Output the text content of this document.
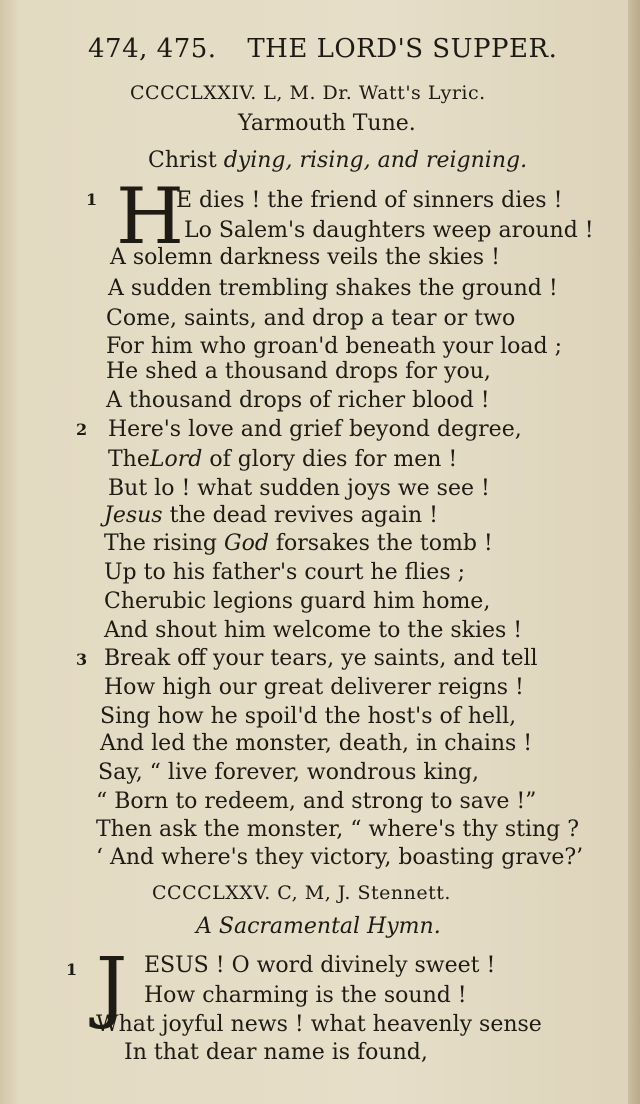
474, 475. THE LORD'S SUPPER.
CCCCLXXIV. L, M. Dr. Watt's Lyric.
Yarmouth Tune.
Christ dying, rising, and reigning.
1 H
E dies ! the friend of sinners dies !
Lo Salem's daughters weep around !
A solemn darkness veils the skies !
A sudden trembling shakes the ground !
Come, saints, and drop a tear or two
For him who groan'd beneath your load ;
He shed a thousand drops for you,
A thousand drops of richer blood !
2 Here's love and grief beyond degree,
TheLord of glory dies for men !
But lo ! what sudden joys we see !
Jesus the dead revives again !
The rising God forsakes the tomb !
Up to his father's court he flies ;
Cherubic legions guard him home,
And shout him welcome to the skies !
3 Break off your tears, ye saints, and tell
How high our great deliverer reigns !
Sing how he spoil'd the host's of hell,
And led the monster, death, in chains !
Say, “ live forever, wondrous king,
“ Born to redeem, and strong to save !”
Then ask the monster, “ where's thy sting ?
‘ And where's they victory, boasting grave?’
CCCCLXXV. C, M, J. Stennett.
A Sacramental Hymn.
1 J ESUS ! O word divinely sweet !
How charming is the sound !
What joyful news ! what heavenly sense
In that dear name is found,
